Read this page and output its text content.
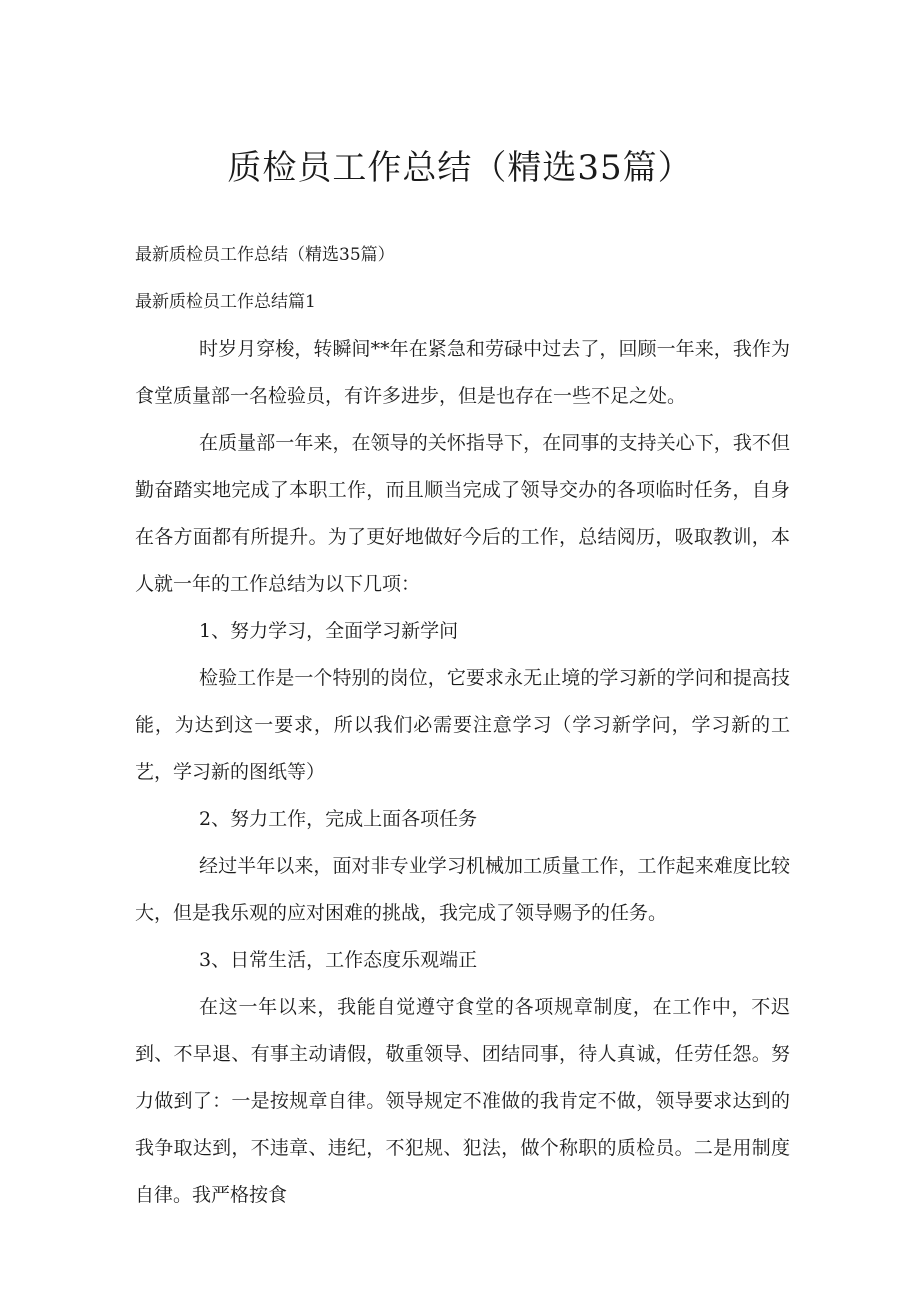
质检员工作总结（精选35篇）

最新质检员工作总结（精选35篇）

最新质检员工作总结篇1

时岁月穿梭，转瞬间**年在紧急和劳碌中过去了，回顾一年来，我作为食堂质量部一名检验员，有许多进步，但是也存在一些不足之处。

在质量部一年来，在领导的关怀指导下，在同事的支持关心下，我不但勤奋踏实地完成了本职工作，而且顺当完成了领导交办的各项临时任务，自身在各方面都有所提升。为了更好地做好今后的工作，总结阅历，吸取教训，本人就一年的工作总结为以下几项：

1、努力学习，全面学习新学问

检验工作是一个特别的岗位，它要求永无止境的学习新的学问和提高技能，为达到这一要求，所以我们必需要注意学习（学习新学问，学习新的工艺，学习新的图纸等）

2、努力工作，完成上面各项任务

经过半年以来，面对非专业学习机械加工质量工作，工作起来难度比较大，但是我乐观的应对困难的挑战，我完成了领导赐予的任务。

3、日常生活，工作态度乐观端正

在这一年以来，我能自觉遵守食堂的各项规章制度，在工作中，不迟到、不早退、有事主动请假，敬重领导、团结同事，待人真诚，任劳任怨。努力做到了：一是按规章自律。领导规定不准做的我肯定不做，领导要求达到的我争取达到，不违章、违纪，不犯规、犯法，做个称职的质检员。二是用制度自律。我严格按食
